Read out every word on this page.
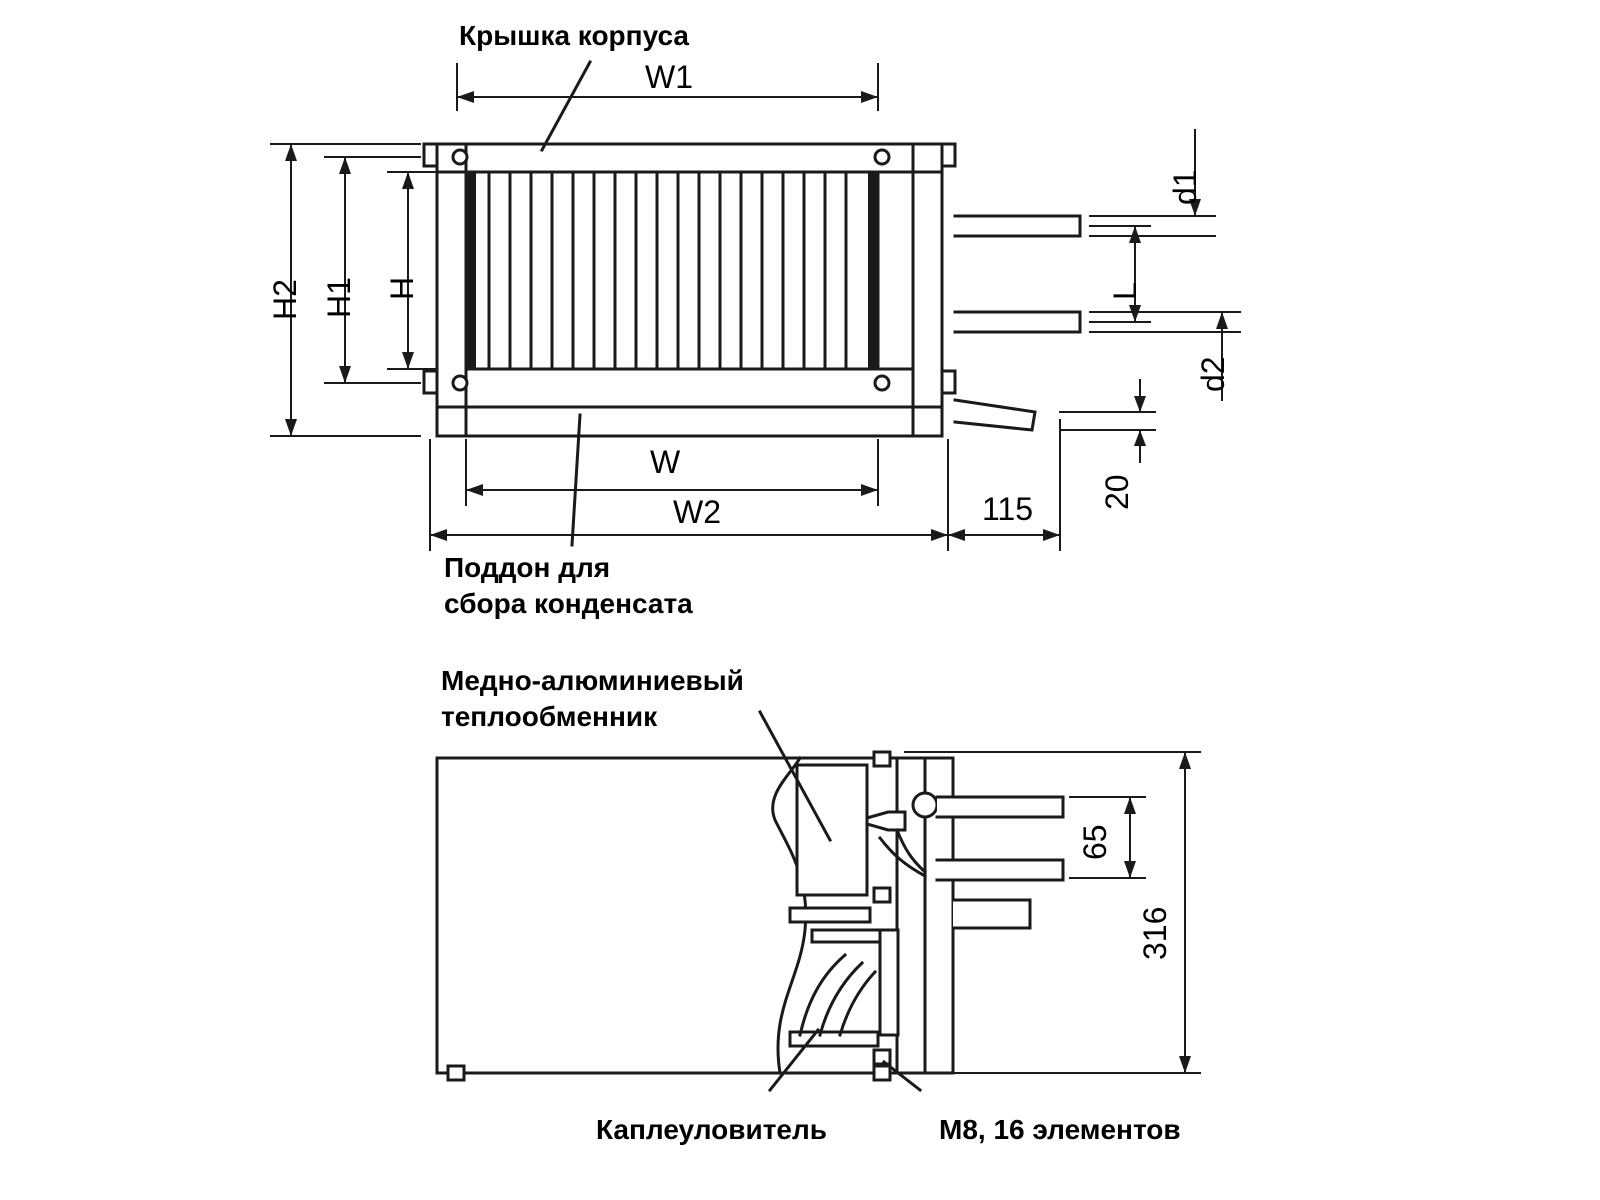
Крышка корпуса
W1
H2 H1 H
d1
L
d2
W
W2	115 20
Поддон для
сбора конденсата
Медно-алюминиевый
теплообменник
65
316
Каплеуловитель	M8, 16 элементов
